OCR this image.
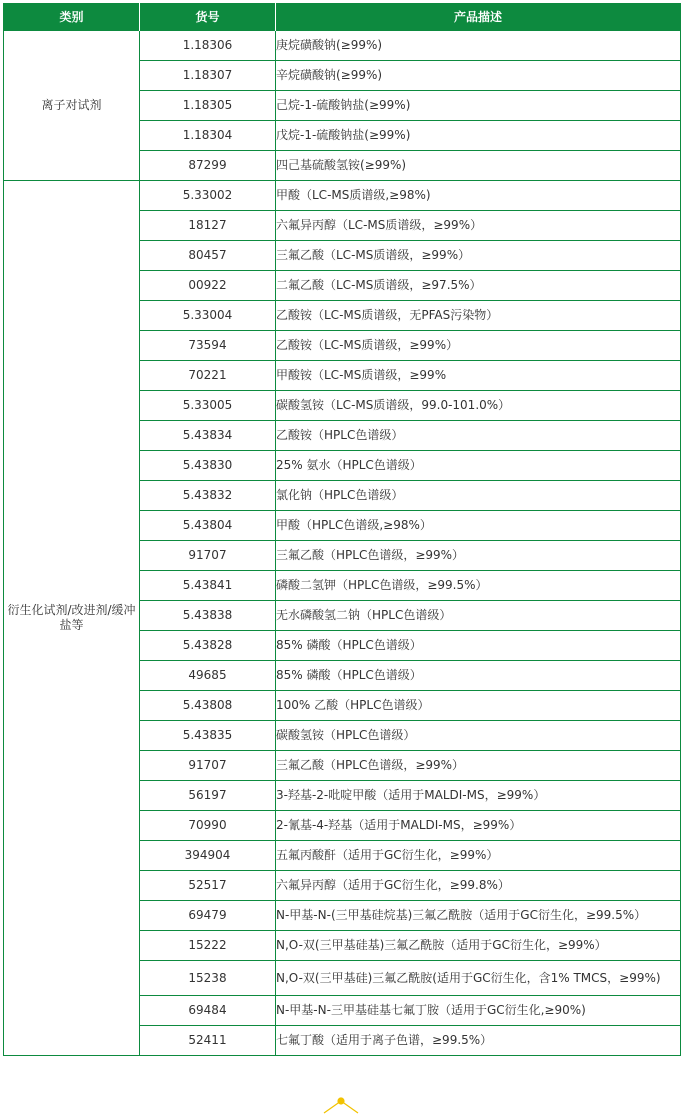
类别	货号	产品描述
离子对试剂	1.18306	庚烷磺酸钠(≥99%)
	1.18307	辛烷磺酸钠(≥99%)
	1.18305	己烷-1-硫酸钠盐(≥99%)
	1.18304	戊烷-1-硫酸钠盐(≥99%)
	87299	四己基硫酸氢铵(≥99%)
衍生化试剂/改进剂/缓冲盐等	5.33002	甲酸（LC-MS质谱级,≥98%)
	18127	六氟异丙醇（LC-MS质谱级，≥99%）
	80457	三氟乙酸（LC-MS质谱级，≥99%）
	00922	二氟乙酸（LC-MS质谱级，≥97.5%）
	5.33004	乙酸铵（LC-MS质谱级，无PFAS污染物）
	73594	乙酸铵（LC-MS质谱级，≥99%）
	70221	甲酸铵（LC-MS质谱级，≥99%
	5.33005	碳酸氢铵（LC-MS质谱级，99.0-101.0%）
	5.43834	乙酸铵（HPLC色谱级）
	5.43830	25% 氨水（HPLC色谱级）
	5.43832	氯化钠（HPLC色谱级）
	5.43804	甲酸（HPLC色谱级,≥98%）
	91707	三氟乙酸（HPLC色谱级，≥99%）
	5.43841	磷酸二氢钾（HPLC色谱级，≥99.5%）
	5.43838	无水磷酸氢二钠（HPLC色谱级）
	5.43828	85% 磷酸（HPLC色谱级）
	49685	85% 磷酸（HPLC色谱级）
	5.43808	100% 乙酸（HPLC色谱级）
	5.43835	碳酸氢铵（HPLC色谱级）
	91707	三氟乙酸（HPLC色谱级，≥99%）
	56197	3-羟基-2-吡啶甲酸（适用于MALDI-MS，≥99%）
	70990	2-氰基-4-羟基（适用于MALDI-MS，≥99%）
	394904	五氟丙酸酐（适用于GC衍生化，≥99%）
	52517	六氟异丙醇（适用于GC衍生化，≥99.8%）
	69479	N-甲基-N-(三甲基硅烷基)三氟乙酰胺（适用于GC衍生化，≥99.5%）
	15222	N,O-双(三甲基硅基)三氟乙酰胺（适用于GC衍生化，≥99%）
	15238	N,O-双(三甲基硅)三氟乙酰胺(适用于GC衍生化，含1% TMCS，≥99%)
	69484	N-甲基-N-三甲基硅基七氟丁胺（适用于GC衍生化,≥90%)
	52411	七氟丁酸（适用于离子色谱，≥99.5%）
